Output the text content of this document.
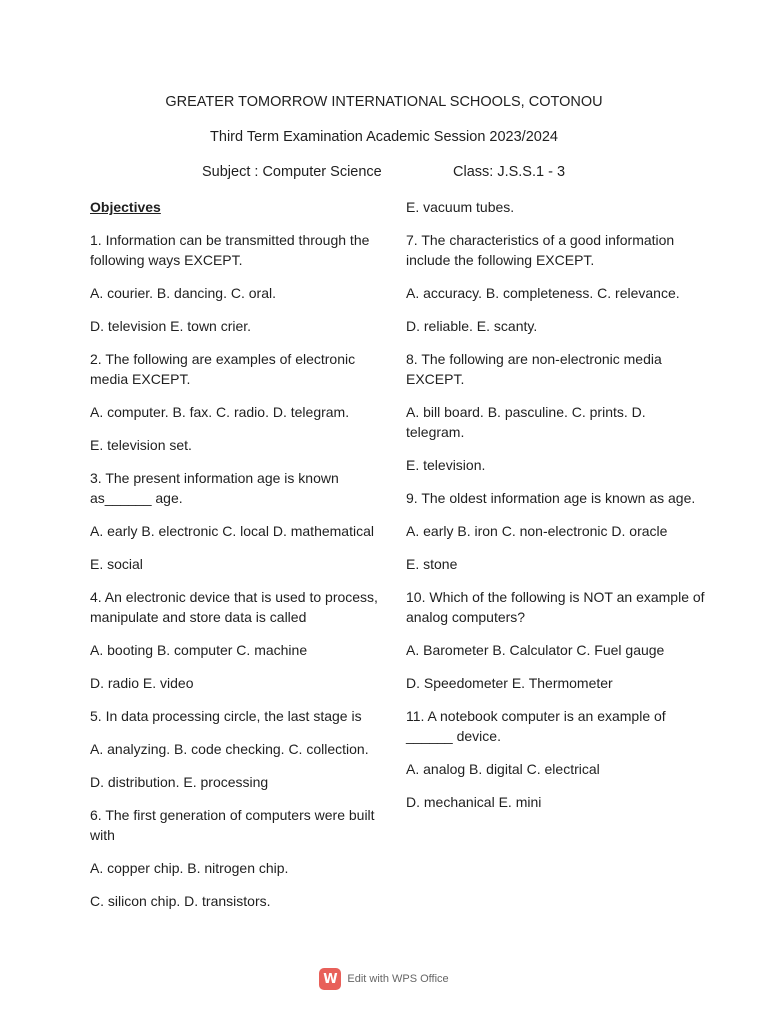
GREATER TOMORROW INTERNATIONAL SCHOOLS, COTONOU
Third Term Examination Academic Session 2023/2024
Subject : Computer Science	Class: J.S.S.1 - 3

Objectives

1. Information can be transmitted through the following ways EXCEPT.

A. courier. B. dancing. C. oral.

D. television E. town crier.

2. The following are examples of electronic media EXCEPT.

A. computer. B. fax. C. radio. D. telegram.

E. television set.

3. The present information age is known as______ age.

A. early B. electronic C. local D. mathematical

E. social

4. An electronic device that is used to process, manipulate and store data is called

A. booting B. computer C. machine

D. radio E. video

5. In data processing circle, the last stage is

A. analyzing. B. code checking. C. collection.

D. distribution. E. processing

6. The first generation of computers were built with

A. copper chip. B. nitrogen chip.

C. silicon chip. D. transistors.

E. vacuum tubes.

7. The characteristics of a good information include the following EXCEPT.

A. accuracy. B. completeness. C. relevance.

D. reliable. E. scanty.

8. The following are non-electronic media EXCEPT.

A. bill board. B. pasculine. C. prints. D. telegram.

E. television.

9. The oldest information age is known as age.

A. early B. iron C. non-electronic D. oracle

E. stone

10. Which of the following is NOT an example of analog computers?

A. Barometer B. Calculator C. Fuel gauge

D. Speedometer E. Thermometer

11. A notebook computer is an example of ______ device.

A. analog B. digital C. electrical

D. mechanical E. mini

W Edit with WPS Office
